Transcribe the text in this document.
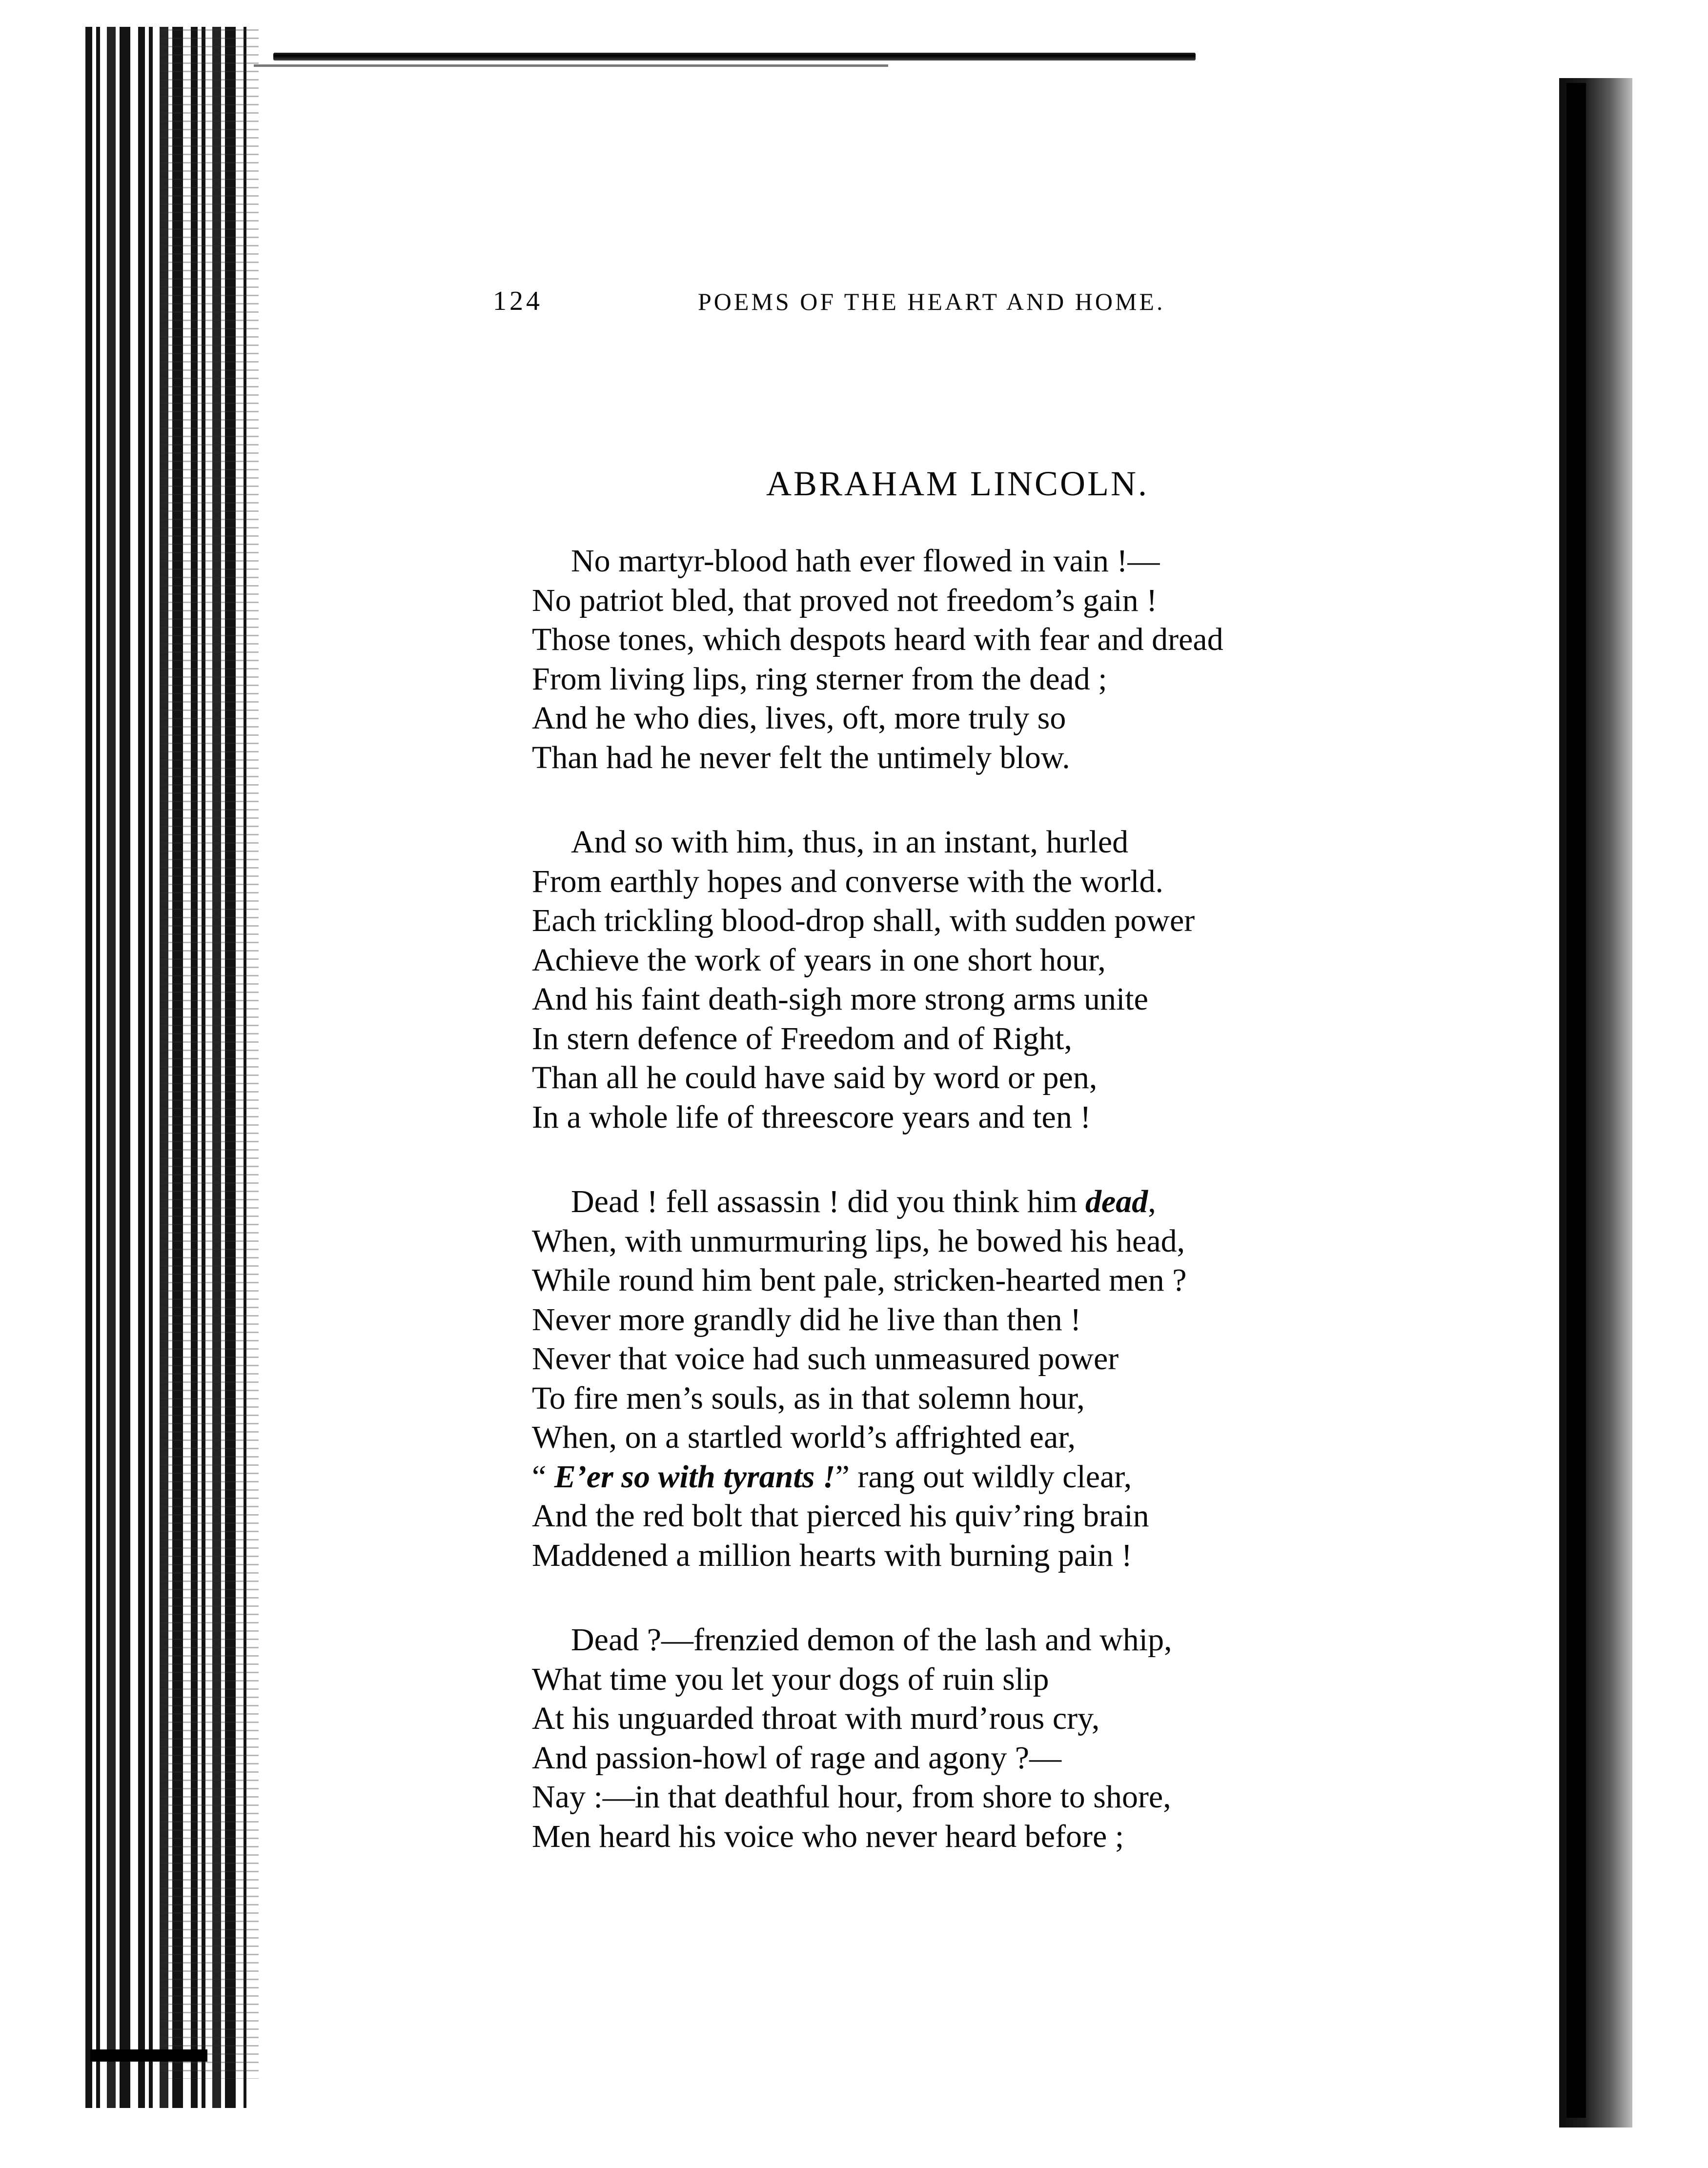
124	POEMS OF THE HEART AND HOME.
ABRAHAM LINCOLN.
No martyr-blood hath ever flowed in vain !—
No patriot bled, that proved not freedom’s gain !
Those tones, which despots heard with fear and dread
From living lips, ring sterner from the dead ;
And he who dies, lives, oft, more truly so
Than had he never felt the untimely blow.
And so with him, thus, in an instant, hurled
From earthly hopes and converse with the world.
Each trickling blood-drop shall, with sudden power
Achieve the work of years in one short hour,
And his faint death-sigh more strong arms unite
In stern defence of Freedom and of Right,
Than all he could have said by word or pen,
In a whole life of threescore years and ten !
Dead ! fell assassin ! did you think him dead,
When, with unmurmuring lips, he bowed his head,
While round him bent pale, stricken-hearted men ?
Never more grandly did he live than then !
Never that voice had such unmeasured power
To fire men’s souls, as in that solemn hour,
When, on a startled world’s affrighted ear,
“ E’er so with tyrants !” rang out wildly clear,
And the red bolt that pierced his quiv’ring brain
Maddened a million hearts with burning pain !
Dead ?—frenzied demon of the lash and whip,
What time you let your dogs of ruin slip
At his unguarded throat with murd’rous cry,
And passion-howl of rage and agony ?—
Nay :—in that deathful hour, from shore to shore,
Men heard his voice who never heard before ;
